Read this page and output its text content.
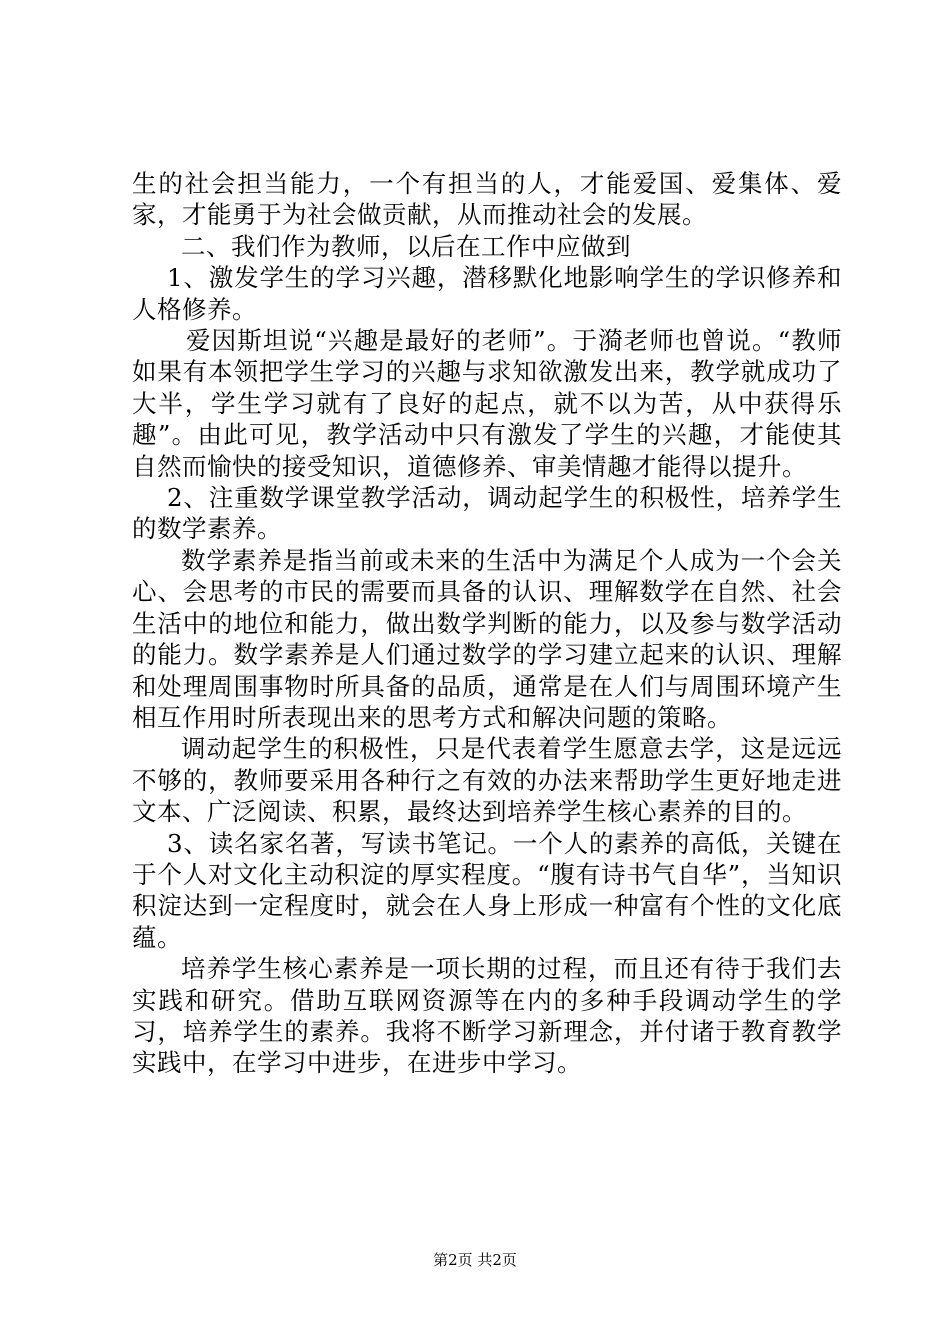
生的社会担当能力，一个有担当的人，才能爱国、爱集体、爱家，才能勇于为社会做贡献，从而推动社会的发展。

二、我们作为教师，以后在工作中应做到

1、激发学生的学习兴趣，潜移默化地影响学生的学识修养和人格修养。

爱因斯坦说“兴趣是最好的老师”。于漪老师也曾说。“教师如果有本领把学生学习的兴趣与求知欲激发出来，教学就成功了大半，学生学习就有了良好的起点，就不以为苦，从中获得乐趣”。由此可见，教学活动中只有激发了学生的兴趣，才能使其自然而愉快的接受知识，道德修养、审美情趣才能得以提升。

2、注重数学课堂教学活动，调动起学生的积极性，培养学生的数学素养。

数学素养是指当前或未来的生活中为满足个人成为一个会关心、会思考的市民的需要而具备的认识、理解数学在自然、社会生活中的地位和能力，做出数学判断的能力，以及参与数学活动的能力。数学素养是人们通过数学的学习建立起来的认识、理解和处理周围事物时所具备的品质，通常是在人们与周围环境产生相互作用时所表现出来的思考方式和解决问题的策略。

调动起学生的积极性，只是代表着学生愿意去学，这是远远不够的，教师要采用各种行之有效的办法来帮助学生更好地走进文本、广泛阅读、积累，最终达到培养学生核心素养的目的。

3、读名家名著，写读书笔记。一个人的素养的高低，关键在于个人对文化主动积淀的厚实程度。“腹有诗书气自华”，当知识积淀达到一定程度时，就会在人身上形成一种富有个性的文化底蕴。

培养学生核心素养是一项长期的过程，而且还有待于我们去实践和研究。借助互联网资源等在内的多种手段调动学生的学习，培养学生的素养。我将不断学习新理念，并付诸于教育教学实践中，在学习中进步，在进步中学习。

第2页 共2页
